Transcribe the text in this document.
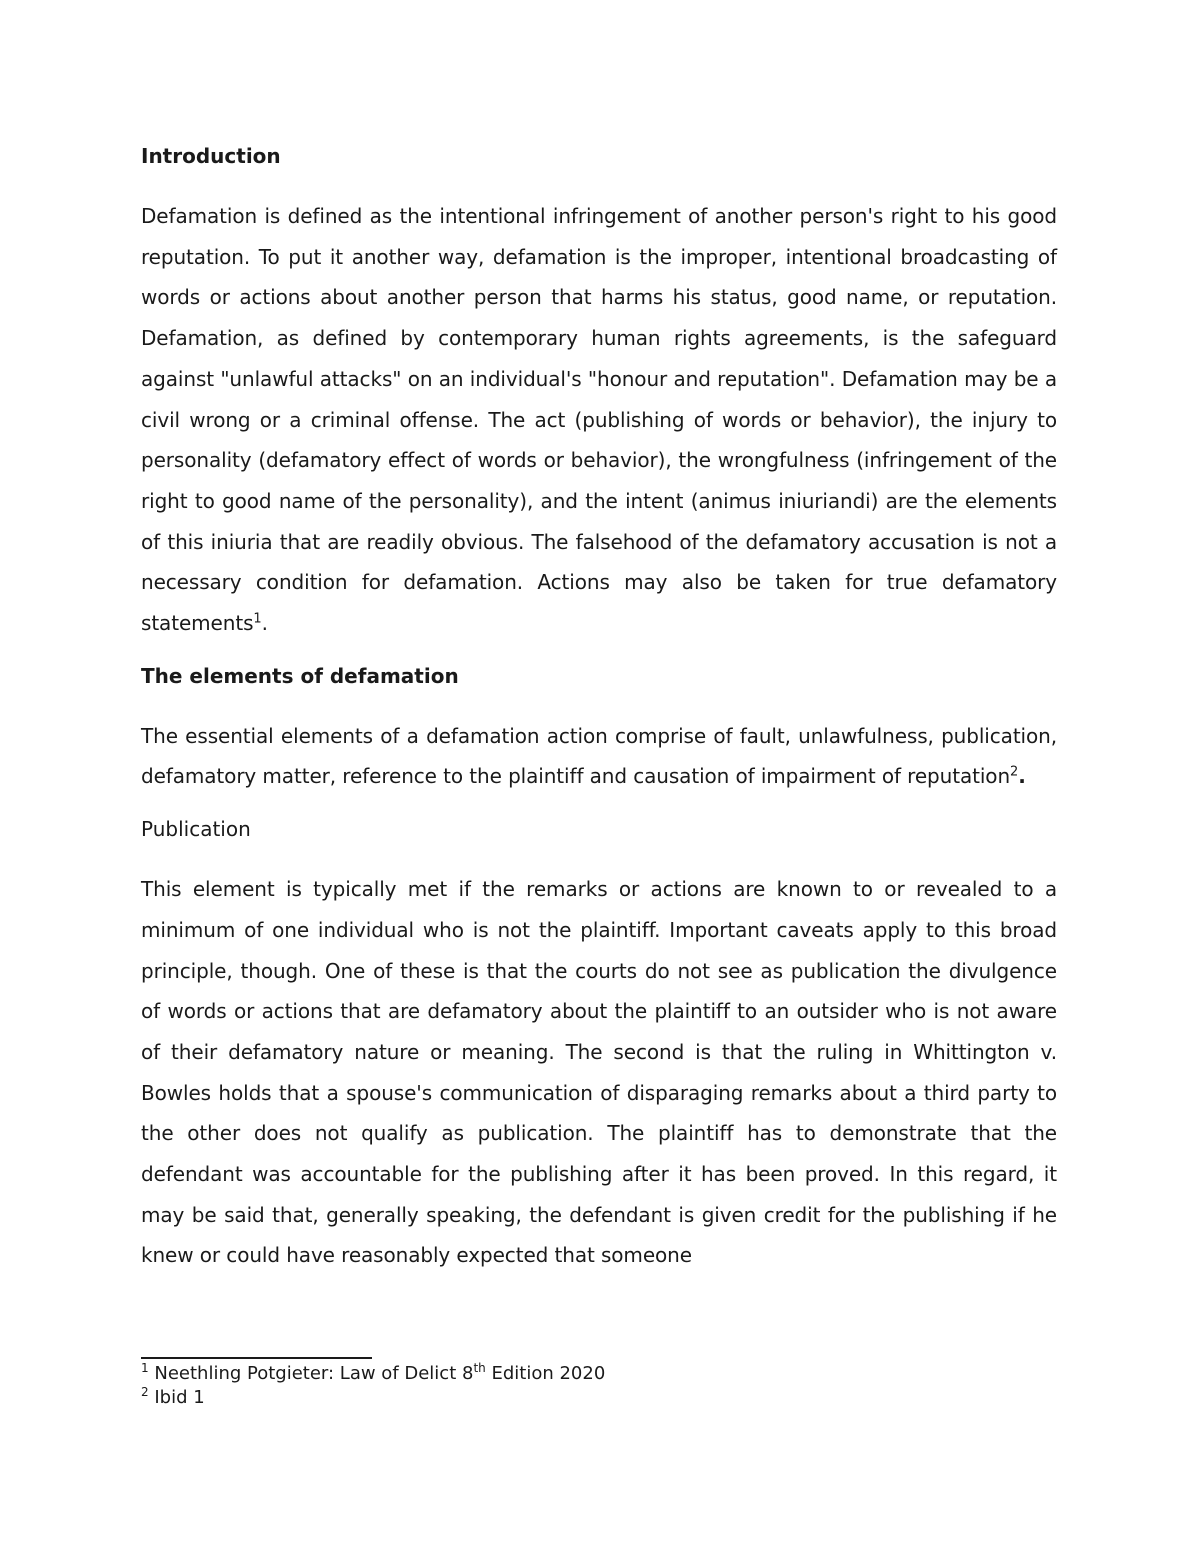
Introduction

Defamation is defined as the intentional infringement of another person's right to his good reputation. To put it another way, defamation is the improper, intentional broadcasting of words or actions about another person that harms his status, good name, or reputation. Defamation, as defined by contemporary human rights agreements, is the safeguard against "unlawful attacks" on an individual's "honour and reputation". Defamation may be a civil wrong or a criminal offense. The act (publishing of words or behavior), the injury to personality (defamatory effect of words or behavior), the wrongfulness (infringement of the right to good name of the personality), and the intent (animus iniuriandi) are the elements of this iniuria that are readily obvious. The falsehood of the defamatory accusation is not a necessary condition for defamation. Actions may also be taken for true defamatory statements$^1$.

The elements of defamation

The essential elements of a defamation action comprise of fault, unlawfulness, publication, defamatory matter, reference to the plaintiff and causation of impairment of reputation$^2$.

Publication

This element is typically met if the remarks or actions are known to or revealed to a minimum of one individual who is not the plaintiff. Important caveats apply to this broad principle, though. One of these is that the courts do not see as publication the divulgence of words or actions that are defamatory about the plaintiff to an outsider who is not aware of their defamatory nature or meaning. The second is that the ruling in Whittington v. Bowles holds that a spouse's communication of disparaging remarks about a third party to the other does not qualify as publication. The plaintiff has to demonstrate that the defendant was accountable for the publishing after it has been proved. In this regard, it may be said that, generally speaking, the defendant is given credit for the publishing if he knew or could have reasonably expected that someone

$^1$ Neethling Potgieter: Law of Delict 8th Edition 2020

$^2$ Ibid 1
